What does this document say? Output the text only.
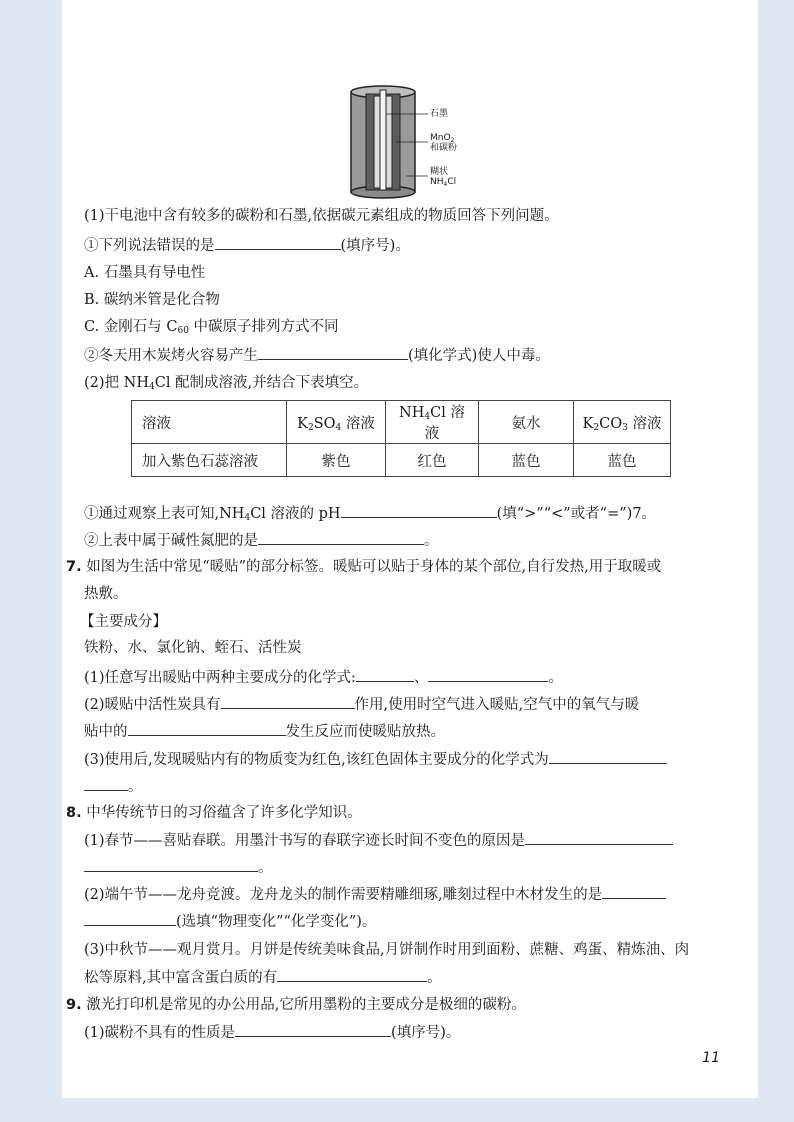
石墨
MnO$_2$
和碳粉
糊状
$NH_4Cl$
(1)干电池中含有较多的碳粉和石墨,依据碳元素组成的物质回答下列问题。
①下列说法错误的是	(填序号)。
A. 石墨具有导电性
B. 碳纳米管是化合物
C. 金刚石与 $C_{60}$ 中碳原子排列方式不同
②冬天用木炭烤火容易产生	(填化学式)使人中毒。
(2)把 $NH_4Cl$ 配制成溶液,并结合下表填空。
溶液	$K_2SO_4$ 溶液	$NH_4Cl$ 溶液	氨水	$K_2CO_3$ 溶液
加入紫色石蕊溶液	紫色	红色	蓝色	蓝色
①通过观察上表可知$,NH_4Cl$ 溶液的 pH	(填“>”“<”或者“=”)7。
②上表中属于碱性氮肥的是	。
7. 如图为生活中常见“暖贴”的部分标签。暖贴可以贴于身体的某个部位,自行发热,用于取暖或
热敷。
【主要成分】
铁粉、水、氯化钠、蛭石、活性炭
(1)任意写出暖贴中两种主要成分的化学式:	、	。
(2)暖贴中活性炭具有	作用,使用时空气进入暖贴,空气中的氧气与暖
贴中的	发生反应而使暖贴放热。
(3)使用后,发现暖贴内有的物质变为红色,该红色固体主要成分的化学式为
。
8. 中华传统节日的习俗蕴含了许多化学知识。
(1)春节——喜贴春联。用墨汁书写的春联字迹长时间不变色的原因是
。
(2)端午节——龙舟竞渡。龙舟龙头的制作需要精雕细琢,雕刻过程中木材发生的是
(选填“物理变化”“化学变化”)。
(3)中秋节——观月赏月。月饼是传统美味食品,月饼制作时用到面粉、蔗糖、鸡蛋、精炼油、肉
松等原料,其中富含蛋白质的有	。
9. 激光打印机是常见的办公用品,它所用墨粉的主要成分是极细的碳粉。
(1)碳粉不具有的性质是	(填序号)。
11
